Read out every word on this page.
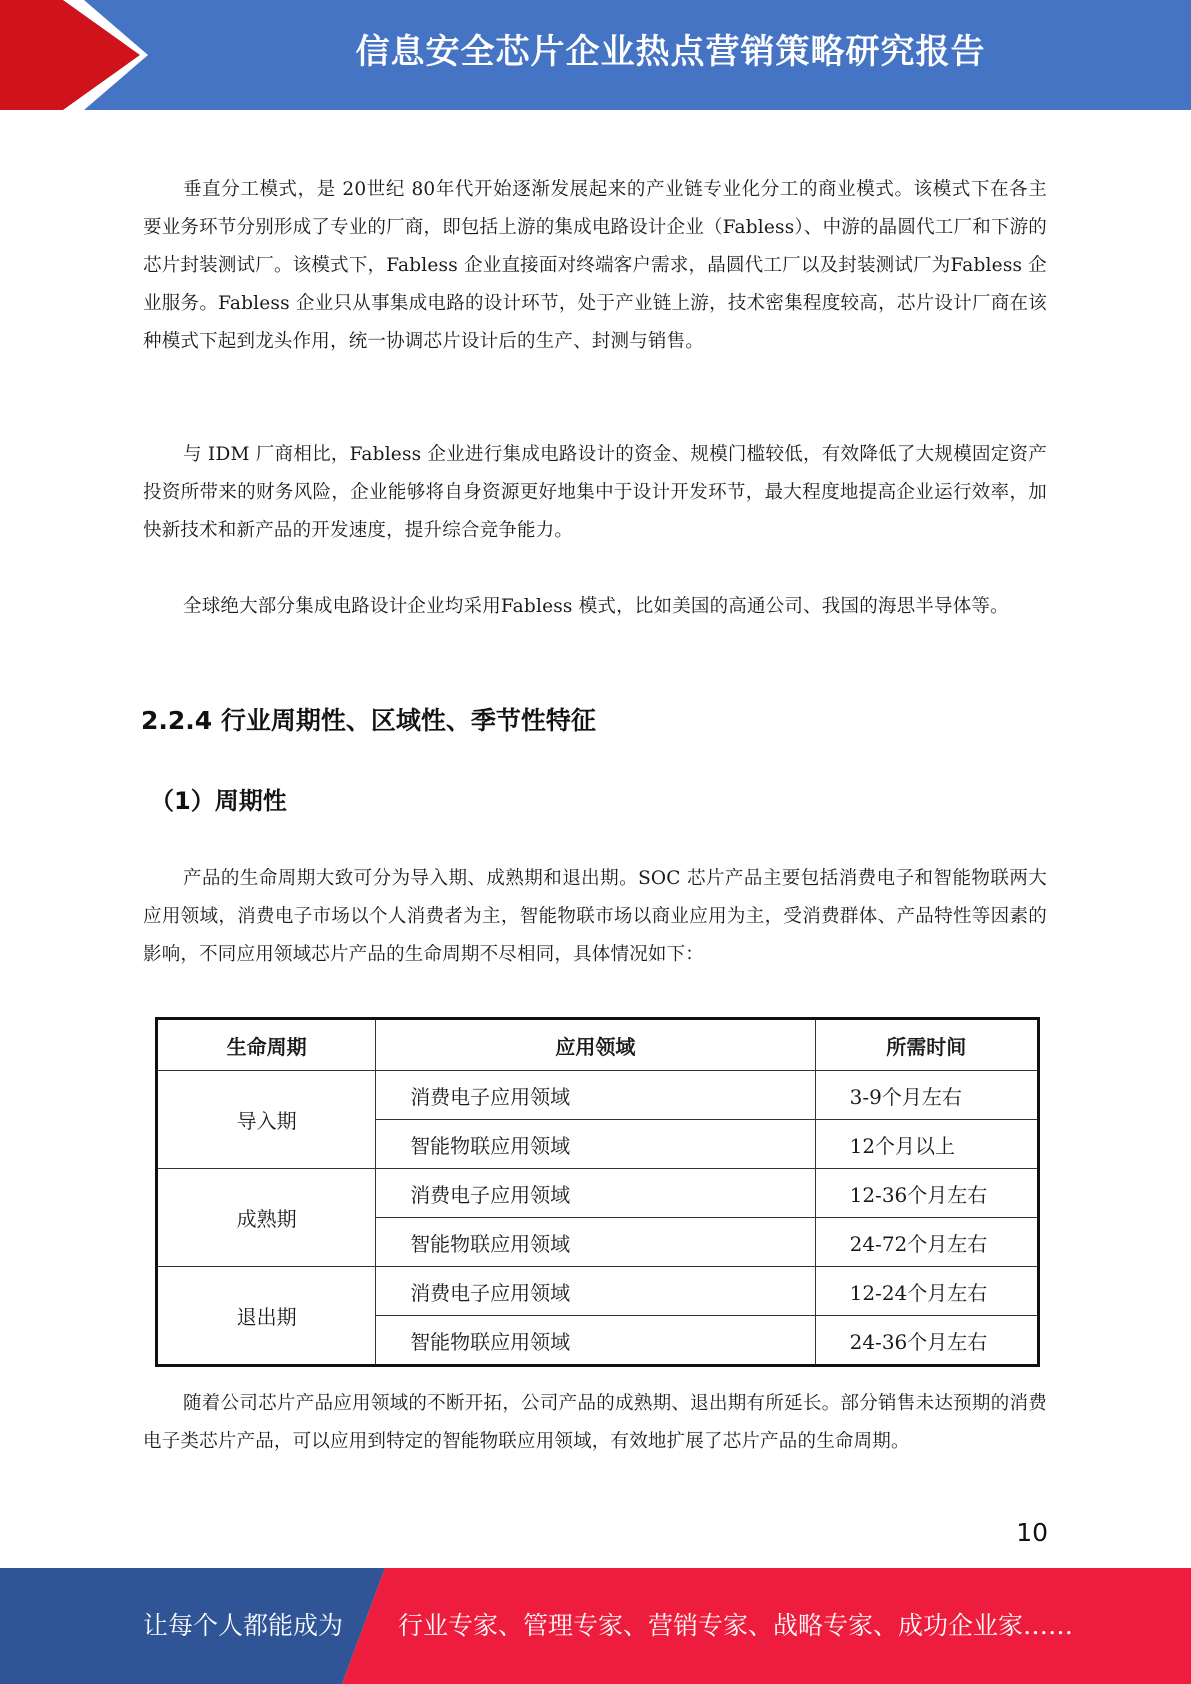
信息安全芯片企业热点营销策略研究报告

垂直分工模式，是 20世纪 80年代开始逐渐发展起来的产业链专业化分工的商业模式。该模式下在各主要业务环节分别形成了专业的厂商，即包括上游的集成电路设计企业（Fabless）、中游的晶圆代工厂和下游的芯片封装测试厂。该模式下，Fabless 企业直接面对终端客户需求，晶圆代工厂以及封装测试厂为Fabless 企业服务。Fabless 企业只从事集成电路的设计环节，处于产业链上游，技术密集程度较高，芯片设计厂商在该种模式下起到龙头作用，统一协调芯片设计后的生产、封测与销售。

与 IDM 厂商相比，Fabless 企业进行集成电路设计的资金、规模门槛较低，有效降低了大规模固定资产投资所带来的财务风险，企业能够将自身资源更好地集中于设计开发环节，最大程度地提高企业运行效率，加快新技术和新产品的开发速度，提升综合竞争能力。

全球绝大部分集成电路设计企业均采用Fabless 模式，比如美国的高通公司、我国的海思半导体等。

2.2.4 行业周期性、区域性、季节性特征
（1）周期性

产品的生命周期大致可分为导入期、成熟期和退出期。SOC 芯片产品主要包括消费电子和智能物联两大应用领域，消费电子市场以个人消费者为主，智能物联市场以商业应用为主，受消费群体、产品特性等因素的影响，不同应用领域芯片产品的生命周期不尽相同，具体情况如下：

生命周期	应用领域	所需时间
导入期	消费电子应用领域	3-9个月左右
	智能物联应用领域	12个月以上
成熟期	消费电子应用领域	12-36个月左右
	智能物联应用领域	24-72个月左右
退出期	消费电子应用领域	12-24个月左右
	智能物联应用领域	24-36个月左右

随着公司芯片产品应用领域的不断开拓，公司产品的成熟期、退出期有所延长。部分销售未达预期的消费电子类芯片产品，可以应用到特定的智能物联应用领域，有效地扩展了芯片产品的生命周期。

10
让每个人都能成为 行业专家、管理专家、营销专家、战略专家、成功企业家……
